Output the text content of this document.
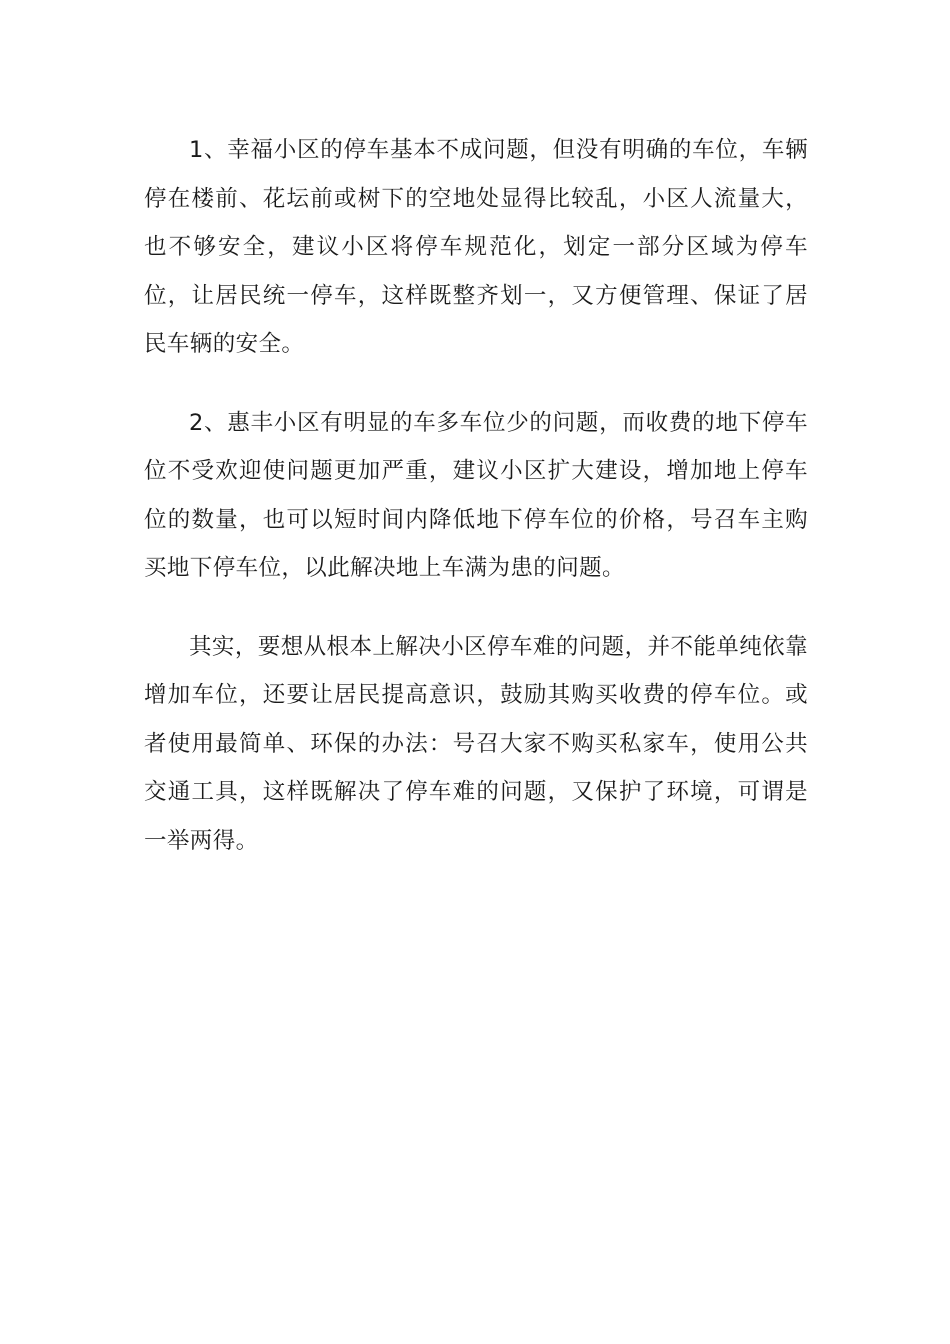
1、幸福小区的停车基本不成问题，但没有明确的车位，车辆停在楼前、花坛前或树下的空地处显得比较乱，小区人流量大，也不够安全，建议小区将停车规范化，划定一部分区域为停车位，让居民统一停车，这样既整齐划一，又方便管理、保证了居民车辆的安全。

2、惠丰小区有明显的车多车位少的问题，而收费的地下停车位不受欢迎使问题更加严重，建议小区扩大建设，增加地上停车位的数量，也可以短时间内降低地下停车位的价格，号召车主购买地下停车位，以此解决地上车满为患的问题。

其实，要想从根本上解决小区停车难的问题，并不能单纯依靠增加车位，还要让居民提高意识，鼓励其购买收费的停车位。或者使用最简单、环保的办法：号召大家不购买私家车，使用公共交通工具，这样既解决了停车难的问题，又保护了环境，可谓是一举两得。
